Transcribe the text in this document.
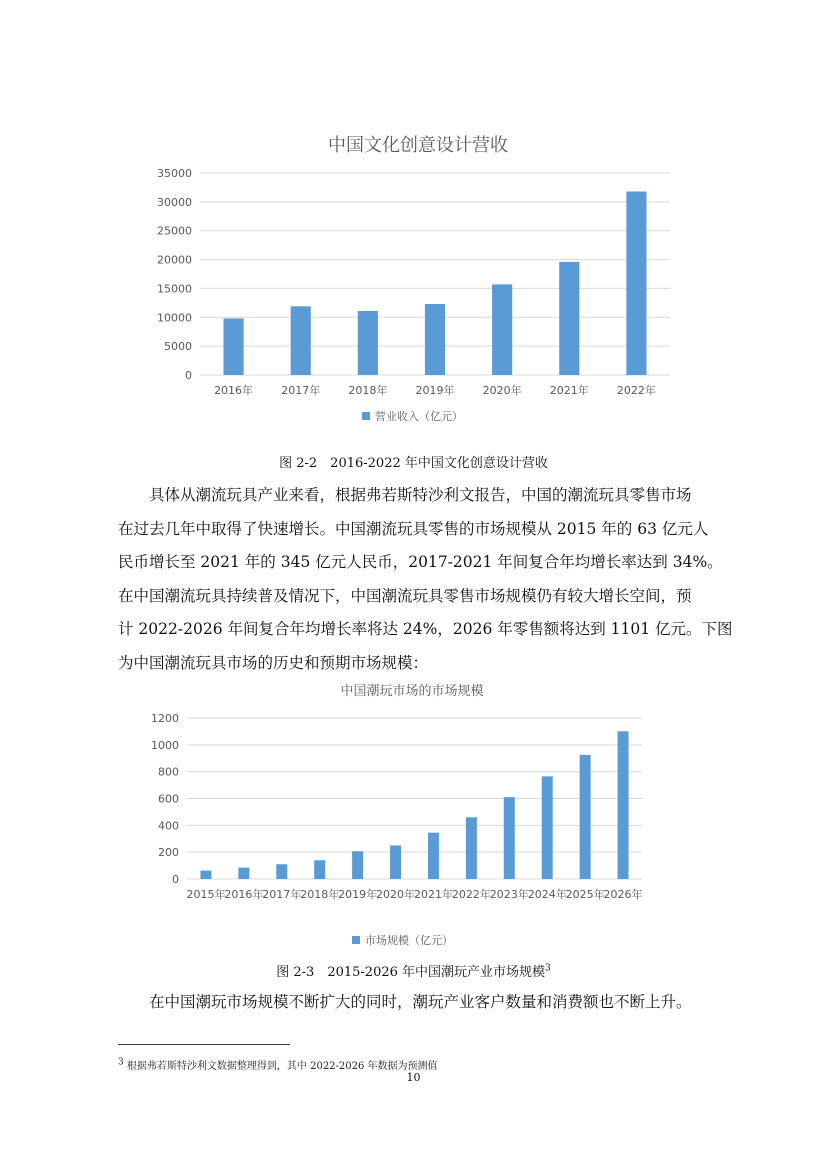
中国文化创意设计营收
0
5000
10000
15000
20000
25000
30000
35000
2016年	2017年	2018年	2019年	2020年	2021年	2022年
营业收入（亿元）
图 2-2　2016-2022 年中国文化创意设计营收
具体从潮流玩具产业来看，根据弗若斯特沙利文报告，中国的潮流玩具零售市场
在过去几年中取得了快速增长。中国潮流玩具零售的市场规模从 2015 年的 63 亿元人
民币增长至 2021 年的 345 亿元人民币，2017-2021 年间复合年均增长率达到 34%。
在中国潮流玩具持续普及情况下，中国潮流玩具零售市场规模仍有较大增长空间，预
计 2022-2026 年间复合年均增长率将达 24%，2026 年零售额将达到 1101 亿元。下图
为中国潮流玩具市场的历史和预期市场规模：
中国潮玩市场的市场规模
0
200
400
600
800
1000
1200
2015年
2016年
2017年
2018年
2019年
2020年
2021年
2022年
2023年
2024年
2025年
2026年
市场规模（亿元）
图 2-3　2015-2026 年中国潮玩产业市场规模$^3$
在中国潮玩市场规模不断扩大的同时，潮玩产业客户数量和消费额也不断上升。
3 根据弗若斯特沙利文数据整理得到，其中 2022-2026 年数据为预测值
10
